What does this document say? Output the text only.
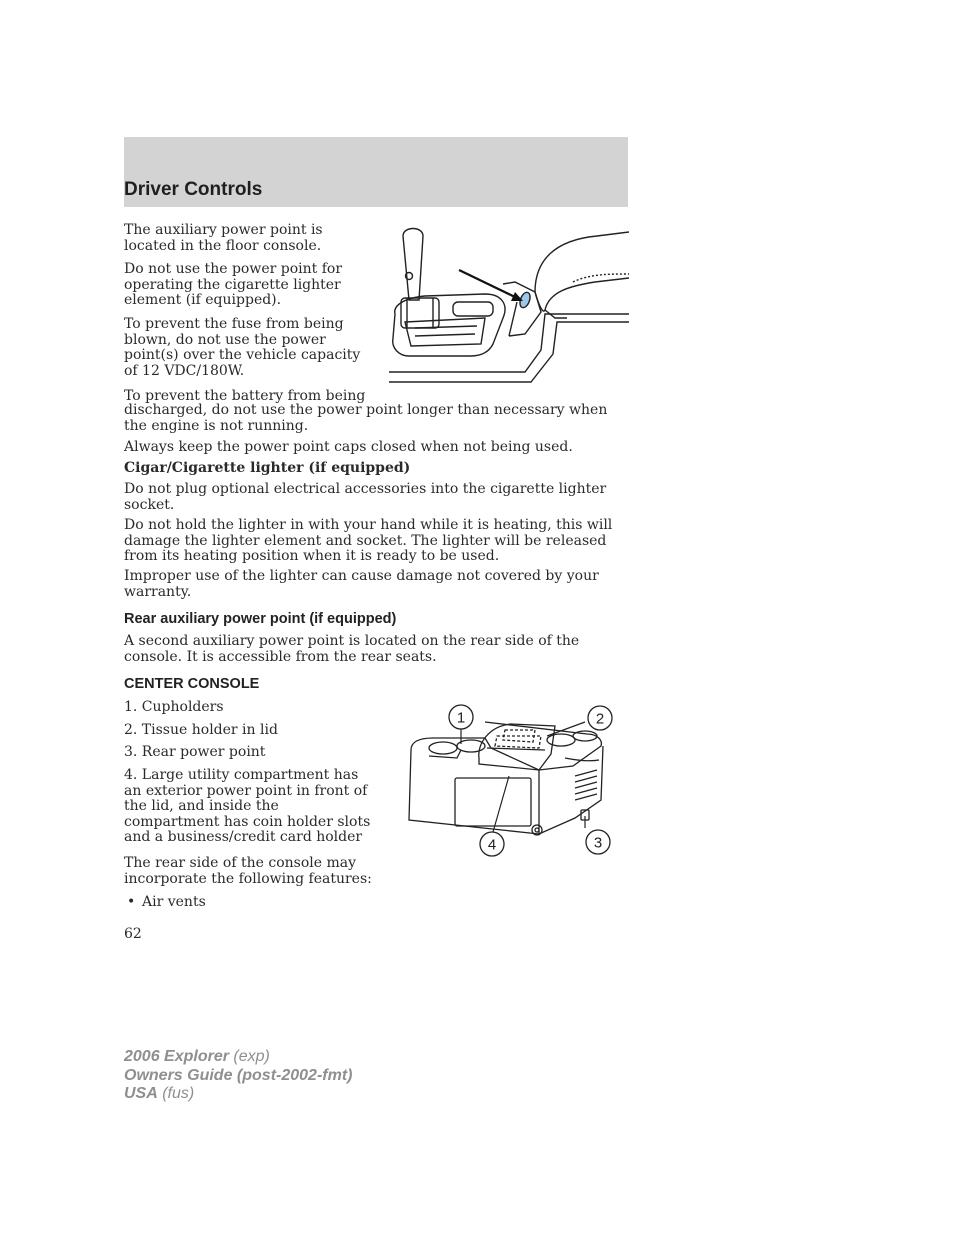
Driver Controls

The auxiliary power point is located in the floor console.

Do not use the power point for operating the cigarette lighter element (if equipped).

To prevent the fuse from being blown, do not use the power point(s) over the vehicle capacity of 12 VDC/180W.

To prevent the battery from being

discharged, do not use the power point longer than necessary when the engine is not running.

Always keep the power point caps closed when not being used.

Cigar/Cigarette lighter (if equipped)

Do not plug optional electrical accessories into the cigarette lighter socket.

Do not hold the lighter in with your hand while it is heating, this will damage the lighter element and socket. The lighter will be released from its heating position when it is ready to be used.

Improper use of the lighter can cause damage not covered by your warranty.

Rear auxiliary power point (if equipped)

A second auxiliary power point is located on the rear side of the console. It is accessible from the rear seats.

CENTER CONSOLE

1. Cupholders

2. Tissue holder in lid

3. Rear power point

4. Large utility compartment has an exterior power point in front of the lid, and inside the compartment has coin holder slots and a business/credit card holder

The rear side of the console may incorporate the following features:

• Air vents

1	2
3
4
62
2006 Explorer (exp)
Owners Guide (post-2002-fmt)
USA (fus)
